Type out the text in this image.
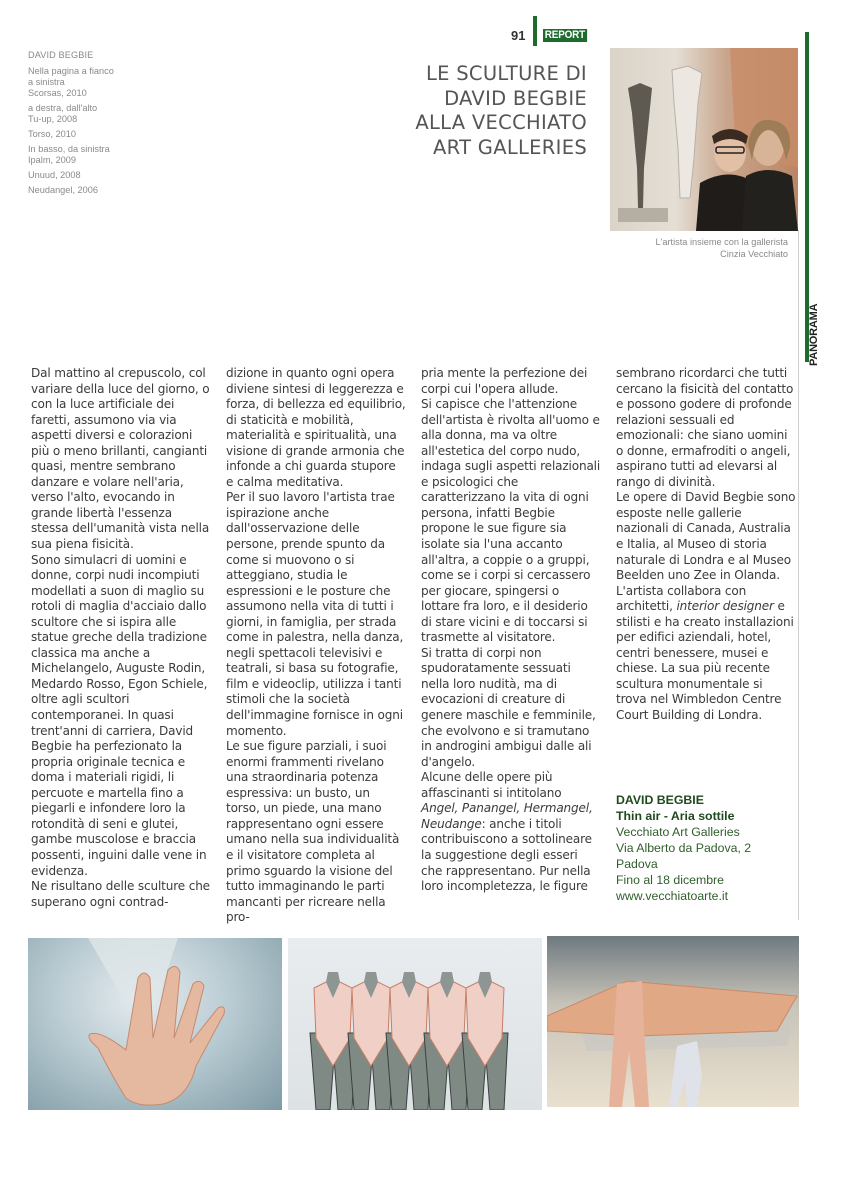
DAVID BEGBIE
Nella pagina a fianco
a sinistra
Scorsas, 2010
a destra, dall'alto
Tu-up, 2008
Torso, 2010
In basso, da sinistra
Ipalm, 2009
Unuud, 2008
Neudangel, 2006
91 REPORT
LE SCULTURE DI
DAVID BEGBIE
ALLA VECCHIATO
ART GALLERIES
L'artista insieme con la gallerista
Cinzia Vecchiato
PANORAMA

Dal mattino al crepuscolo, col variare della luce del giorno, o con la luce artificiale dei faretti, assumono via via aspetti diversi e colorazioni più o meno brillanti, cangianti quasi, mentre sembrano danzare e volare nell'aria, verso l'alto, evocando in grande libertà l'essenza stessa dell'umanità vista nella sua piena fisicità.

Sono simulacri di uomini e donne, corpi nudi incompiuti modellati a suon di maglio su rotoli di maglia d'acciaio dallo scultore che si ispira alle statue greche della tradizione classica ma anche a Michelangelo, Auguste Rodin, Medardo Rosso, Egon Schiele, oltre agli scultori contemporanei. In quasi trent'anni di carriera, David Begbie ha perfezionato la propria originale tecnica e doma i materiali rigidi, li percuote e martella fino a piegarli e infondere loro la rotondità di seni e glutei, gambe muscolose e braccia possenti, inguini dalle vene in evidenza.

Ne risultano delle sculture che superano ogni contrad-

dizione in quanto ogni opera diviene sintesi di leggerezza e forza, di bellezza ed equilibrio, di staticità e mobilità, materialità e spiritualità, una visione di grande armonia che infonde a chi guarda stupore e calma meditativa.

Per il suo lavoro l'artista trae ispirazione anche dall'osservazione delle persone, prende spunto da come si muovono o si atteggiano, studia le espressioni e le posture che assumono nella vita di tutti i giorni, in famiglia, per strada come in palestra, nella danza, negli spettacoli televisivi e teatrali, si basa su fotografie, film e videoclip, utilizza i tanti stimoli che la società dell'immagine fornisce in ogni momento.

Le sue figure parziali, i suoi enormi frammenti rivelano una straordinaria potenza espressiva: un busto, un torso, un piede, una mano rappresentano ogni essere umano nella sua individualità e il visitatore completa al primo sguardo la visione del tutto immaginando le parti mancanti per ricreare nella pro-

pria mente la perfezione dei corpi cui l'opera allude.

Si capisce che l'attenzione dell'artista è rivolta all'uomo e alla donna, ma va oltre all'estetica del corpo nudo, indaga sugli aspetti relazionali e psicologici che caratterizzano la vita di ogni persona, infatti Begbie propone le sue figure sia isolate sia l'una accanto all'altra, a coppie o a gruppi, come se i corpi si cercassero per giocare, spingersi o lottare fra loro, e il desiderio di stare vicini e di toccarsi si trasmette al visitatore.

Si tratta di corpi non spudoratamente sessuati nella loro nudità, ma di evocazioni di creature di genere maschile e femminile, che evolvono e si tramutano in androgini ambigui dalle ali d'angelo.

Alcune delle opere più affascinanti si intitolano Angel, Panangel, Hermangel, Neudange: anche i titoli contribuiscono a sottolineare la suggestione degli esseri che rappresentano. Pur nella loro incompletezza, le figure

sembrano ricordarci che tutti cercano la fisicità del contatto e possono godere di profonde relazioni sessuali ed emozionali: che siano uomini o donne, ermafroditi o angeli, aspirano tutti ad elevarsi al rango di divinità.

Le opere di David Begbie sono esposte nelle gallerie nazionali di Canada, Australia e Italia, al Museo di storia naturale di Londra e al Museo Beelden uno Zee in Olanda. L'artista collabora con architetti, interior designer e stilisti e ha creato installazioni per edifici aziendali, hotel, centri benessere, musei e chiese. La sua più recente scultura monumentale si trova nel Wimbledon Centre Court Building di Londra.
DAVID BEGBIE
Thin air - Aria sottile
Vecchiato Art Galleries
Via Alberto da Padova, 2
Padova
Fino al 18 dicembre
www.vecchiatoarte.it
